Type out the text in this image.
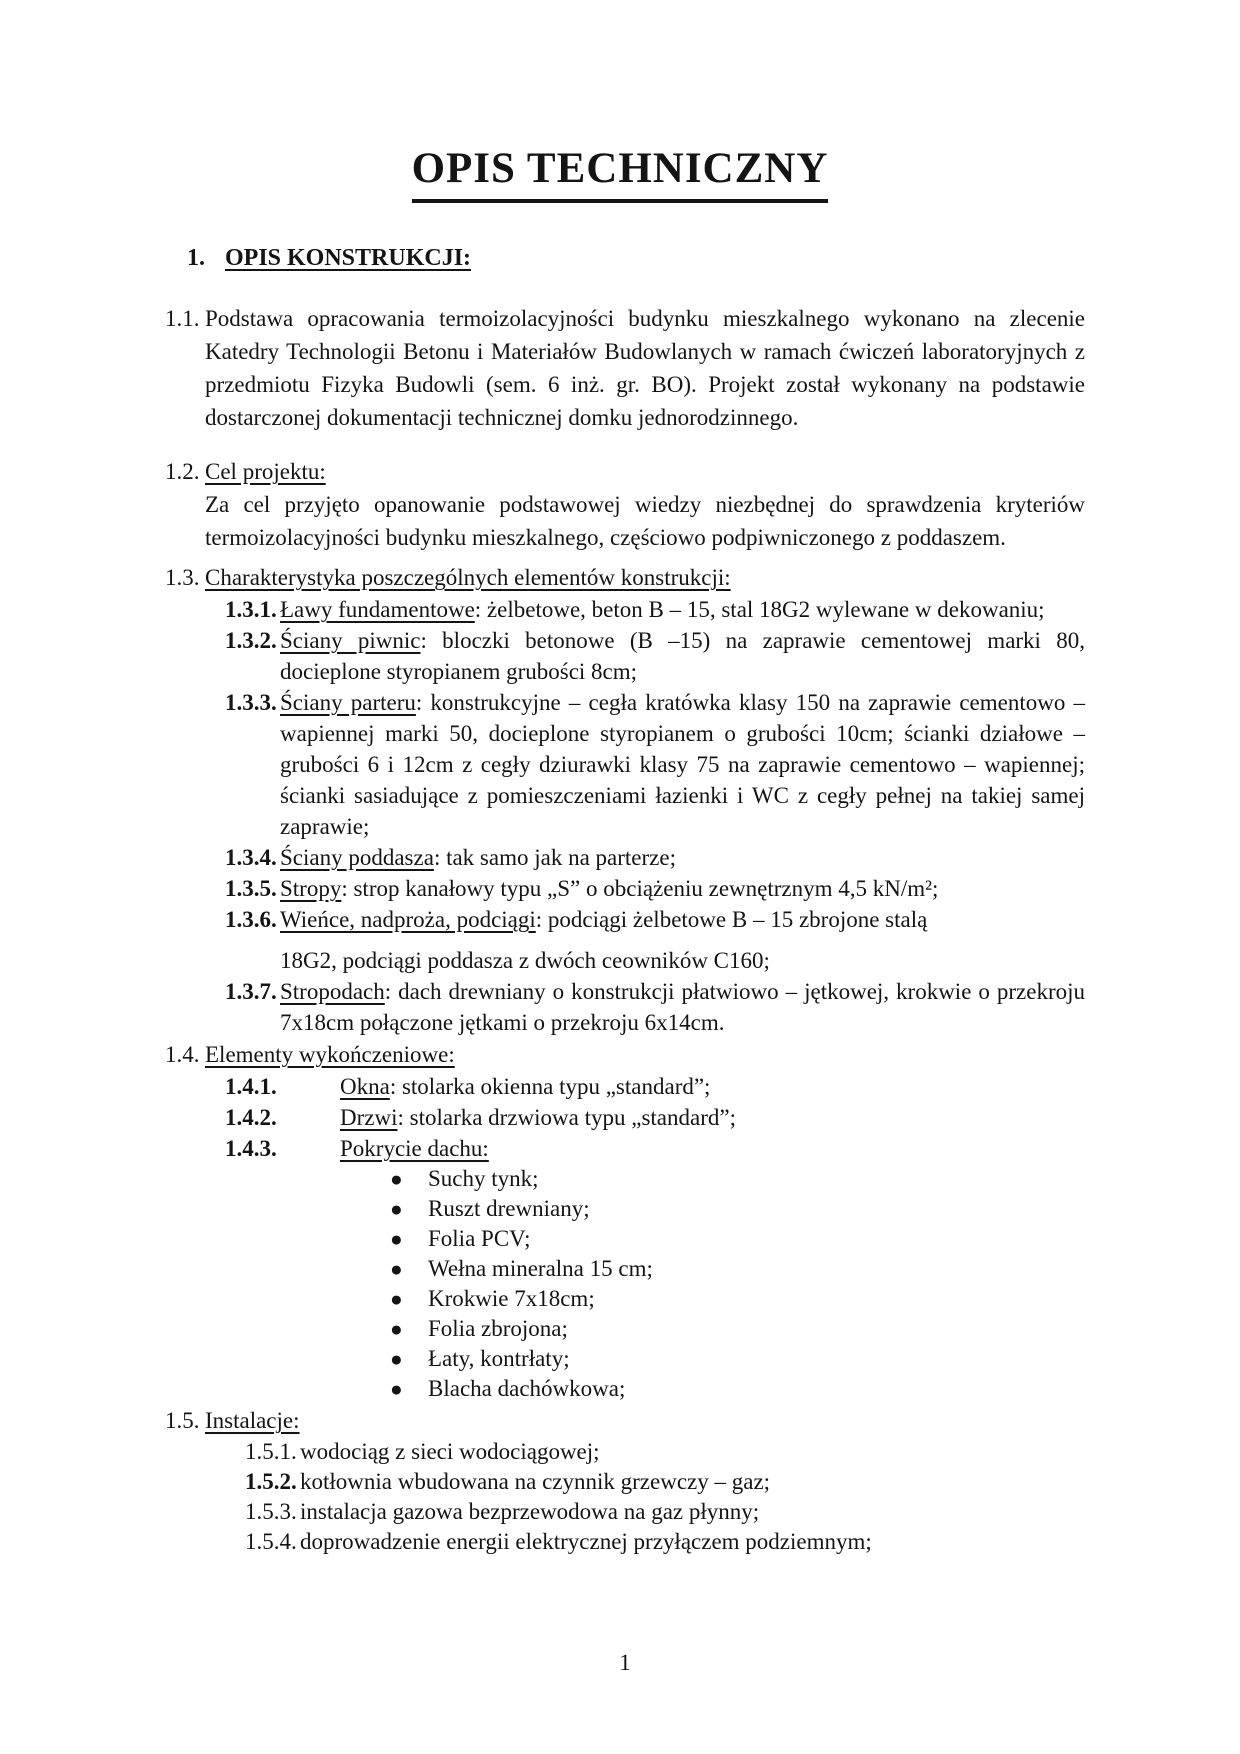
OPIS TECHNICZNY
1. OPIS KONSTRUKCJI:
1.1. Podstawa opracowania termoizolacyjności budynku mieszkalnego wykonano na zlecenie Katedry Technologii Betonu i Materiałów Budowlanych w ramach ćwiczeń laboratoryjnych z przedmiotu Fizyka Budowli (sem. 6 inż. gr. BO). Projekt został wykonany na podstawie dostarczonej dokumentacji technicznej domku jednorodzinnego.
1.2. Cel projektu:
Za cel przyjęto opanowanie podstawowej wiedzy niezbędnej do sprawdzenia kryteriów termoizolacyjności budynku mieszkalnego, częściowo podpiwniczonego z poddaszem.
1.3. Charakterystyka poszczególnych elementów konstrukcji:
1.3.1. Ławy fundamentowe: żelbetowe, beton B – 15, stal 18G2 wylewane w dekowaniu;
1.3.2. Ściany piwnic: bloczki betonowe (B –15) na zaprawie cementowej marki 80, docieplone styropianem grubości 8cm;
1.3.3. Ściany parteru: konstrukcyjne – cegła kratówka klasy 150 na zaprawie cementowo – wapiennej marki 50, docieplone styropianem o grubości 10cm; ścianki działowe – grubości 6 i 12cm z cegły dziurawki klasy 75 na zaprawie cementowo – wapiennej; ścianki sasiadujące z pomieszczeniami łazienki i WC z cegły pełnej na takiej samej zaprawie;
1.3.4. Ściany poddasza: tak samo jak na parterze;
1.3.5. Stropy: strop kanałowy typu „S” o obciążeniu zewnętrznym 4,5 kN/m²;
1.3.6. Wieńce, nadproża, podciągi: podciągi żelbetowe B – 15 zbrojone stalą
18G2, podciągi poddasza z dwóch ceowników C160;
1.3.7. Stropodach: dach drewniany o konstrukcji płatwiowo – jętkowej, krokwie o przekroju 7x18cm połączone jętkami o przekroju 6x14cm.
1.4. Elementy wykończeniowe:
1.4.1.	Okna: stolarka okienna typu „standard”;
1.4.2.	Drzwi: stolarka drzwiowa typu „standard”;
1.4.3.	Pokrycie dachu:
● Suchy tynk;
● Ruszt drewniany;
● Folia PCV;
● Wełna mineralna 15 cm;
● Krokwie 7x18cm;
● Folia zbrojona;
● Łaty, kontrłaty;
● Blacha dachówkowa;
1.5. Instalacje:
1.5.1. wodociąg z sieci wodociągowej;
1.5.2. kotłownia wbudowana na czynnik grzewczy – gaz;
1.5.3. instalacja gazowa bezprzewodowa na gaz płynny;
1.5.4. doprowadzenie energii elektrycznej przyłączem podziemnym;
1
